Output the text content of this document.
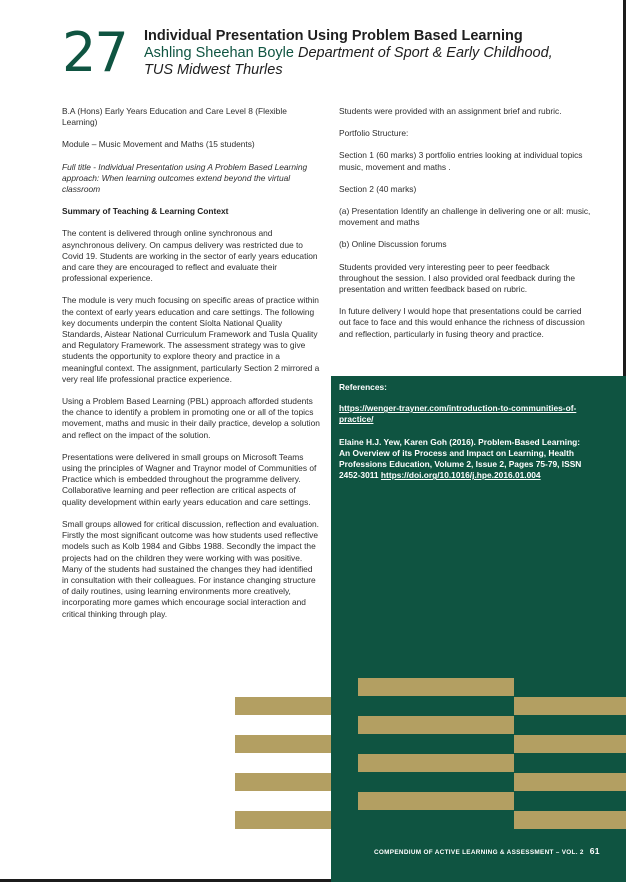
27 Individual Presentation Using Problem Based Learning
Ashling Sheehan Boyle Department of Sport & Early Childhood,
TUS Midwest Thurles

B.A (Hons) Early Years Education and Care Level 8 (Flexible Learning)

Module – Music Movement and Maths (15 students)

Full title - Individual Presentation using A Problem Based Learning approach: When learning outcomes extend beyond the virtual classroom

Summary of Teaching & Learning Context

The content is delivered through online synchronous and asynchronous delivery. On campus delivery was restricted due to Covid 19. Students are working in the sector of early years education and care they are encouraged to reflect and evaluate their professional experience.

The module is very much focusing on specific areas of practice within the context of early years education and care settings. The following key documents underpin the content Síolta National Quality Standards, Aistear National Curriculum Framework and Tusla Quality and Regulatory Framework. The assessment strategy was to give students the opportunity to explore theory and practice in a meaningful context. The assignment, particularly Section 2 mirrored a very real life professional practice experience.

Using a Problem Based Learning (PBL) approach afforded students the chance to identify a problem in promoting one or all of the topics movement, maths and music in their daily practice, develop a solution and reflect on the impact of the solution.

Presentations were delivered in small groups on Microsoft Teams using the principles of Wagner and Traynor model of Communities of Practice which is embedded throughout the programme delivery. Collaborative learning and peer reflection are critical aspects of quality development within early years education and care settings.

Small groups allowed for critical discussion, reflection and evaluation. Firstly the most significant outcome was how students used reflective models such as Kolb 1984 and Gibbs 1988. Secondly the impact the projects had on the children they were working with was positive. Many of the students had sustained the changes they had identified in consultation with their colleagues. For instance changing structure of daily routines, using learning environments more creatively, incorporating more games which encourage social interaction and critical thinking through play.

Students were provided with an assignment brief and rubric.

Portfolio Structure:

Section 1 (60 marks) 3 portfolio entries looking at individual topics music, movement and maths .

Section 2 (40 marks)

(a) Presentation Identify an challenge in delivering one or all: music, movement and maths

(b) Online Discussion forums

Students provided very interesting peer to peer feedback throughout the session. I also provided oral feedback during the presentation and written feedback based on rubric.

In future delivery I would hope that presentations could be carried out face to face and this would enhance the richness of discussion and reflection, particularly in fusing theory and practice.

References:

https://wenger-trayner.com/introduction-to-communities-of-practice/

Elaine H.J. Yew, Karen Goh (2016). Problem-Based Learning: An Overview of its Process and Impact on Learning, Health Professions Education, Volume 2, Issue 2, Pages 75-79, ISSN 2452-3011 https://doi.org/10.1016/j.hpe.2016.01.004

COMPENDIUM OF ACTIVE LEARNING & ASSESSMENT – VOL. 2 61
